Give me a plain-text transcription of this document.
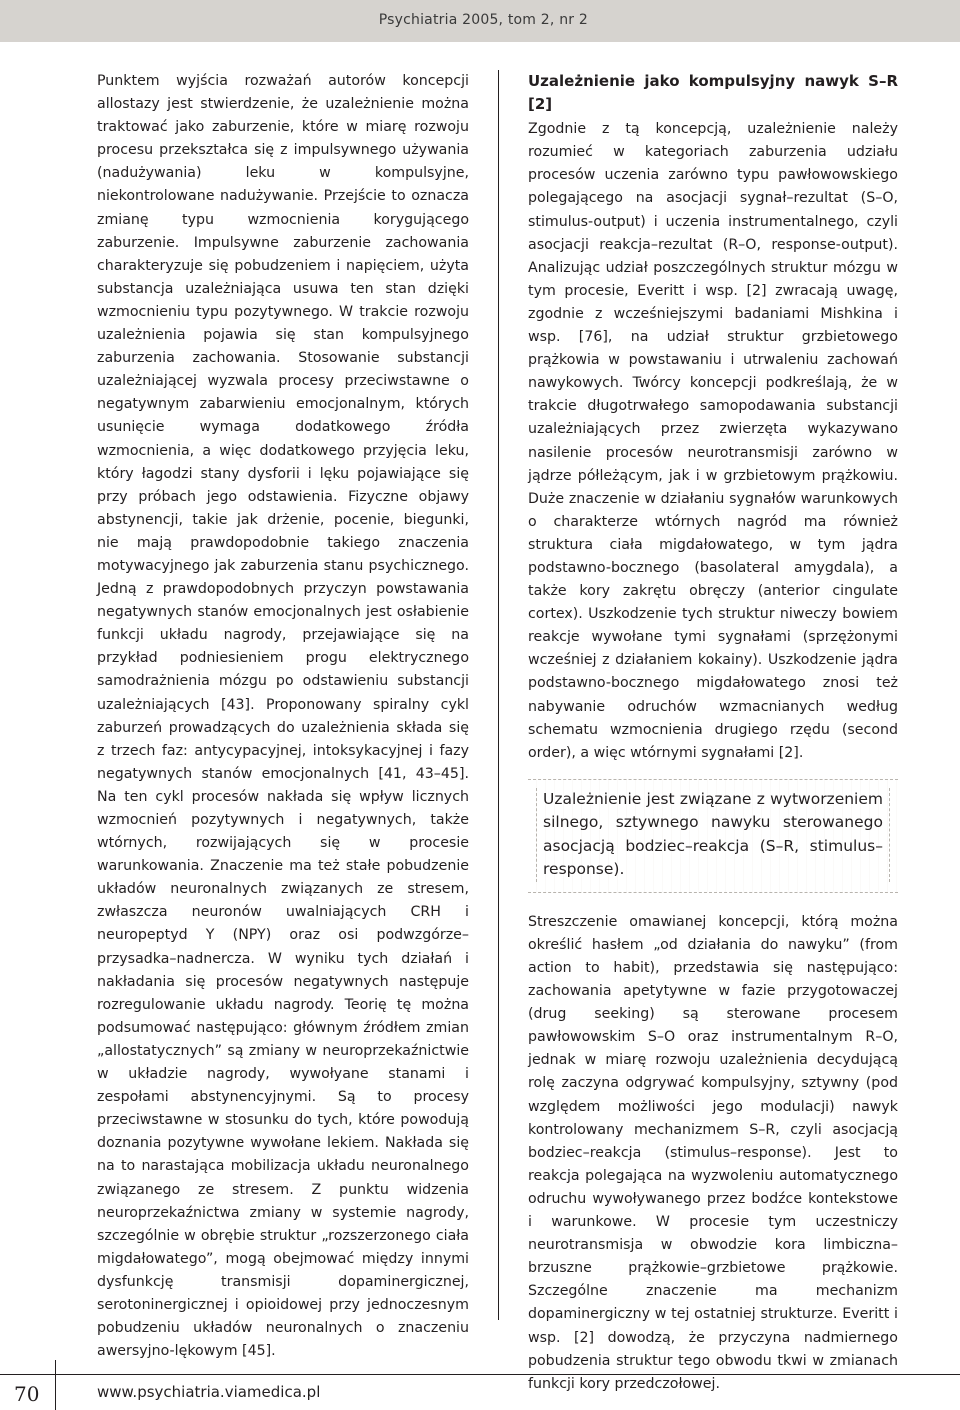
Psychiatria 2005, tom 2, nr 2

Punktem wyjścia rozważań autorów koncepcji allostazy jest stwierdzenie, że uzależnienie można traktować jako zaburzenie, które w miarę rozwoju procesu przekształca się z impulsywnego używania (nadużywania) leku w kompulsyjne, niekontrolowane nadużywanie. Przejście to oznacza zmianę typu wzmocnienia korygującego zaburzenie. Impulsywne zaburzenie zachowania charakteryzuje się pobudzeniem i napięciem, użyta substancja uzależniająca usuwa ten stan dzięki wzmocnieniu typu pozytywnego. W trakcie rozwoju uzależnienia pojawia się stan kompulsyjnego zaburzenia zachowania. Stosowanie substancji uzależniającej wyzwala procesy przeciwstawne o negatywnym zabarwieniu emocjonalnym, których usunięcie wymaga dodatkowego źródła wzmocnienia, a więc dodatkowego przyjęcia leku, który łagodzi stany dysforii i lęku pojawiające się przy próbach jego odstawienia. Fizyczne objawy abstynencji, takie jak drżenie, pocenie, biegunki, nie mają prawdopodobnie takiego znaczenia motywacyjnego jak zaburzenia stanu psychicznego. Jedną z prawdopodobnych przyczyn powstawania negatywnych stanów emocjonalnych jest osłabienie funkcji układu nagrody, przejawiające się na przykład podniesieniem progu elektrycznego samodrażnienia mózgu po odstawieniu substancji uzależniających [43]. Proponowany spiralny cykl zaburzeń prowadzących do uzależnienia składa się z trzech faz: antycypacyjnej, intoksykacyjnej i fazy negatywnych stanów emocjonalnych [41, 43–45]. Na ten cykl procesów nakłada się wpływ licznych wzmocnień pozytywnych i negatywnych, także wtórnych, rozwijających się w procesie warunkowania. Znaczenie ma też stałe pobudzenie układów neuronalnych związanych ze stresem, zwłaszcza neuronów uwalniających CRH i neuropeptyd Y (NPY) oraz osi podwzgórze–przysadka–nadnercza. W wyniku tych działań i nakładania się procesów negatywnych następuje rozregulowanie układu nagrody. Teorię tę można podsumować następująco: głównym źródłem zmian „allostatycznych” są zmiany w neuroprzekaźnictwie w układzie nagrody, wywołyane stanami i zespołami abstynencyjnymi. Są to procesy przeciwstawne w stosunku do tych, które powodują doznania pozytywne wywołane lekiem. Nakłada się na to narastająca mobilizacja układu neuronalnego związanego ze stresem. Z punktu widzenia neuroprzekaźnictwa zmiany w systemie nagrody, szczególnie w obrębie struktur „rozszerzonego ciała migdałowatego”, mogą obejmować między innymi dysfunkcję transmisji dopaminergicznej, serotoninergicznej i opioidowej przy jednoczesnym pobudzeniu układów neuronalnych o znaczeniu awersyjno-lękowym [45].

Uzależnienie jako kompulsyjny nawyk S–R [2]

Zgodnie z tą koncepcją, uzależnienie należy rozumieć w kategoriach zaburzenia udziału procesów uczenia zarówno typu pawłowowskiego polegającego na asocjacji sygnał–rezultat (S–O, stimulus-output) i uczenia instrumentalnego, czyli asocjacji reakcja–rezultat (R–O, response-output). Analizując udział poszczególnych struktur mózgu w tym procesie, Everitt i wsp. [2] zwracają uwagę, zgodnie z wcześniejszymi badaniami Mishkina i wsp. [76], na udział struktur grzbietowego prążkowia w powstawaniu i utrwaleniu zachowań nawykowych. Twórcy koncepcji podkreślają, że w trakcie długotrwałego samopodawania substancji uzależniających przez zwierzęta wykazywano nasilenie procesów neurotransmisji zarówno w jądrze półleżącym, jak i w grzbietowym prążkowiu. Duże znaczenie w działaniu sygnałów warunkowych o charakterze wtórnych nagród ma również struktura ciała migdałowatego, w tym jądra podstawno-bocznego (basolateral amygdala), a także kory zakrętu obręczy (anterior cingulate cortex). Uszkodzenie tych struktur niweczy bowiem reakcje wywołane tymi sygnałami (sprzężonymi wcześniej z działaniem kokainy). Uszkodzenie jądra podstawno-bocznego migdałowatego znosi też nabywanie odruchów wzmacnianych według schematu wzmocnienia drugiego rzędu (second order), a więc wtórnymi sygnałami [2].

Uzależnienie jest związane z wytworzeniem silnego, sztywnego nawyku sterowanego asocjacją bodziec–reakcja (S–R, stimulus–response).

Streszczenie omawianej koncepcji, którą można określić hasłem „od działania do nawyku” (from action to habit), przedstawia się następująco: zachowania apetytywne w fazie przygotowaczej (drug seeking) są sterowane procesem pawłowowskim S–O oraz instrumentalnym R–O, jednak w miarę rozwoju uzależnienia decydującą rolę zaczyna odgrywać kompulsyjny, sztywny (pod względem możliwości jego modulacji) nawyk kontrolowany mechanizmem S–R, czyli asocjacją bodziec–reakcja (stimulus–response). Jest to reakcja polegająca na wyzwoleniu automatycznego odruchu wywoływanego przez bodźce kontekstowe i warunkowe. W procesie tym uczestniczy neurotransmisja w obwodzie kora limbiczna–brzuszne prążkowie–grzbietowe prążkowie. Szczególne znaczenie ma mechanizm dopaminergiczny w tej ostatniej strukturze. Everitt i wsp. [2] dowodzą, że przyczyna nadmiernego pobudzenia struktur tego obwodu tkwi w zmianach funkcji kory przedczołowej.

70	www.psychiatria.viamedica.pl
